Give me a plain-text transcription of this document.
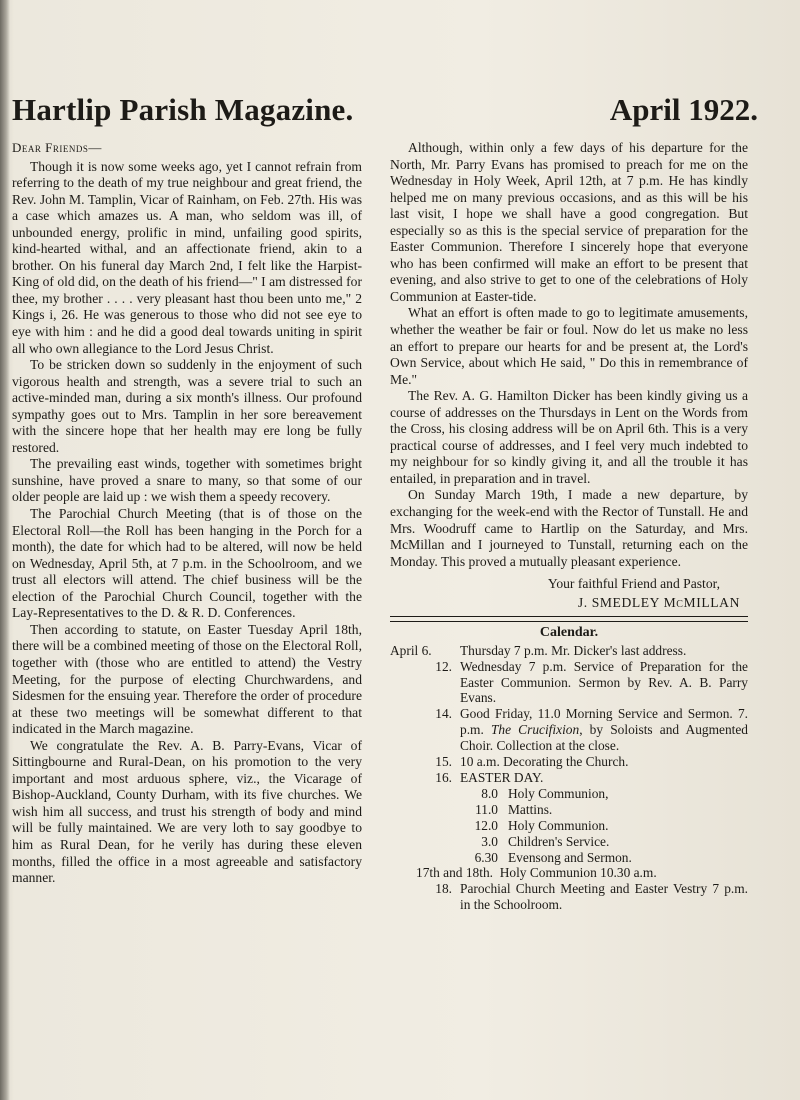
Hartlip Parish Magazine.	April 1922.

Dear Friends—

Though it is now some weeks ago, yet I cannot refrain from referring to the death of my true neighbour and great friend, the Rev. John M. Tamplin, Vicar of Rainham, on Feb. 27th. His was a case which amazes us. A man, who seldom was ill, of unbounded energy, prolific in mind, unfailing good spirits, kind-hearted withal, and an affectionate friend, akin to a brother. On his funeral day March 2nd, I felt like the Harpist-King of old did, on the death of his friend—" I am distressed for thee, my brother . . . . very pleasant hast thou been unto me," 2 Kings i, 26. He was generous to those who did not see eye to eye with him : and he did a good deal towards uniting in spirit all who own allegiance to the Lord Jesus Christ.

To be stricken down so suddenly in the enjoyment of such vigorous health and strength, was a severe trial to such an active-minded man, during a six month's illness. Our profound sympathy goes out to Mrs. Tamplin in her sore bereavement with the sincere hope that her health may ere long be fully restored.

The prevailing east winds, together with sometimes bright sunshine, have proved a snare to many, so that some of our older people are laid up : we wish them a speedy recovery.

The Parochial Church Meeting (that is of those on the Electoral Roll—the Roll has been hanging in the Porch for a month), the date for which had to be altered, will now be held on Wednesday, April 5th, at 7 p.m. in the Schoolroom, and we trust all electors will attend. The chief business will be the election of the Parochial Church Council, together with the Lay-Representatives to the D. & R. D. Conferences.

Then according to statute, on Easter Tuesday April 18th, there will be a combined meeting of those on the Electoral Roll, together with (those who are entitled to attend) the Vestry Meeting, for the purpose of electing Churchwardens, and Sidesmen for the ensuing year. Therefore the order of procedure at these two meetings will be somewhat different to that indicated in the March magazine.

We congratulate the Rev. A. B. Parry-Evans, Vicar of Sittingbourne and Rural-Dean, on his promotion to the very important and most arduous sphere, viz., the Vicarage of Bishop-Auckland, County Durham, with its five churches. We wish him all success, and trust his strength of body and mind will be fully maintained. We are very loth to say goodbye to him as Rural Dean, for he verily has during these eleven months, filled the office in a most agreeable and satisfactory manner.

Although, within only a few days of his departure for the North, Mr. Parry Evans has promised to preach for me on the Wednesday in Holy Week, April 12th, at 7 p.m. He has kindly helped me on many previous occasions, and as this will be his last visit, I hope we shall have a good congregation. But especially so as this is the special service of preparation for the Easter Communion. Therefore I sincerely hope that everyone who has been confirmed will make an effort to be present that evening, and also strive to get to one of the celebrations of Holy Communion at Easter-tide.

What an effort is often made to go to legitimate amusements, whether the weather be fair or foul. Now do let us make no less an effort to prepare our hearts for and be present at, the Lord's Own Service, about which He said, " Do this in remembrance of Me."

The Rev. A. G. Hamilton Dicker has been kindly giving us a course of addresses on the Thursdays in Lent on the Words from the Cross, his closing address will be on April 6th. This is a very practical course of addresses, and I feel very much indebted to my neighbour for so kindly giving it, and all the trouble it has entailed, in preparation and in travel.

On Sunday March 19th, I made a new departure, by exchanging for the week-end with the Rector of Tunstall. He and Mrs. Woodruff came to Hartlip on the Saturday, and Mrs. McMillan and I journeyed to Tunstall, returning each on the Monday. This proved a mutually pleasant experience.

Your faithful Friend and Pastor,
J. SMEDLEY McMILLAN
Calendar.
April 6.	Thursday 7 p.m. Mr. Dicker's last address.
12.	Wednesday 7 p.m. Service of Preparation for the Easter Communion. Sermon by Rev. A. B. Parry Evans.
14.	Good Friday, 11.0 Morning Service and Sermon. 7. p.m. The Crucifixion, by Soloists and Augmented Choir. Collection at the close.
15.	10 a.m. Decorating the Church.
16.	EASTER DAY.

8.0	Holy Communion,
11.0	Mattins.
12.0	Holy Communion.
3.0	Children's Service.
6.30	Evensong and Sermon.

17th and 18th. Holy Communion 10.30 a.m.
18.	Parochial Church Meeting and Easter Vestry 7 p.m. in the Schoolroom.
